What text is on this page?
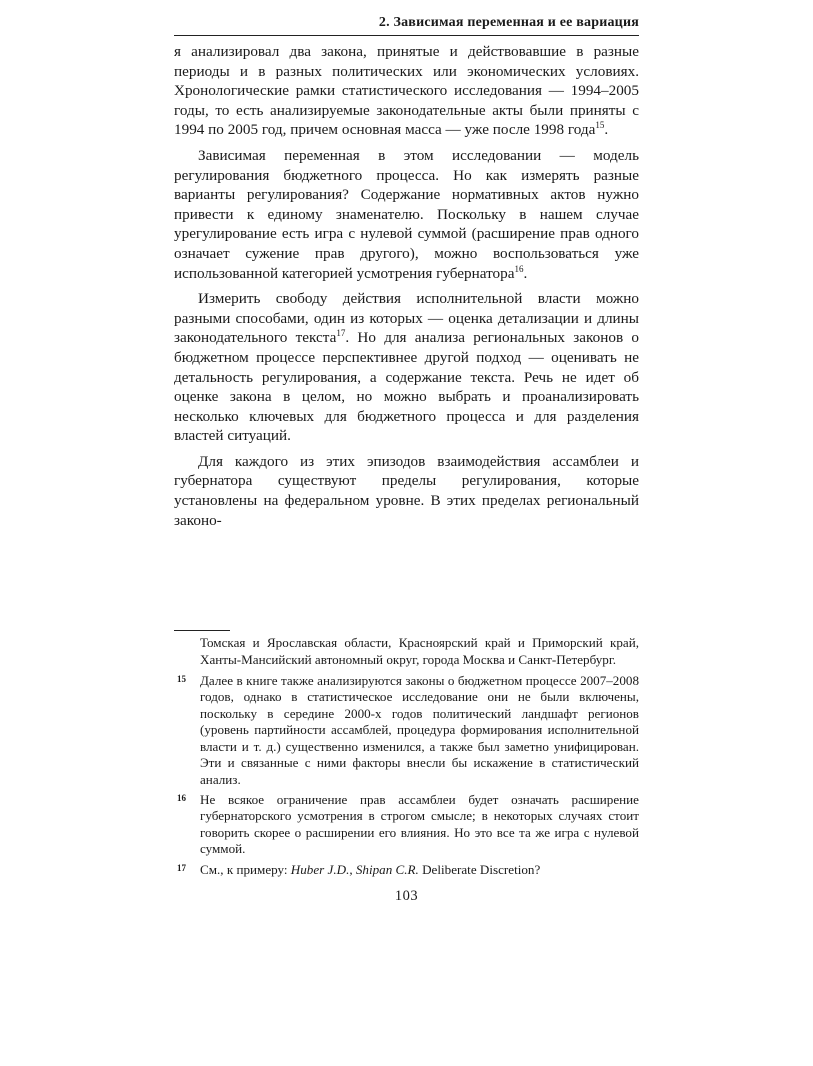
2. Зависимая переменная и ее вариация

я анализировал два закона, принятые и действовавшие в разные периоды и в разных политических или экономических условиях. Хронологические рамки статистического исследования — 1994–2005 годы, то есть анализируемые законодательные акты были приняты с 1994 по 2005 год, причем основная масса — уже после 1998 года$^{15}$.

Зависимая переменная в этом исследовании — модель регулирования бюджетного процесса. Но как измерять разные варианты регулирования? Содержание нормативных актов нужно привести к единому знаменателю. Поскольку в нашем случае урегулирование есть игра с нулевой суммой (расширение прав одного означает сужение прав другого), можно воспользоваться уже использованной категорией усмотрения губернатора$^{16}$.

Измерить свободу действия исполнительной власти можно разными способами, один из которых — оценка детализации и длины законодательного текста$^{17}$. Но для анализа региональных законов о бюджетном процессе перспективнее другой подход — оценивать не детальность регулирования, а содержание текста. Речь не идет об оценке закона в целом, но можно выбрать и проанализировать несколько ключевых для бюджетного процесса и для разделения властей ситуаций.

Для каждого из этих эпизодов взаимодействия ассамблеи и губернатора существуют пределы регулирования, которые установлены на федеральном уровне. В этих пределах региональный законо-

Томская и Ярославская области, Красноярский край и Приморский край, Ханты-Мансийский автономный округ, города Москва и Санкт-Петербург.

15 Далее в книге также анализируются законы о бюджетном процессе 2007–2008 годов, однако в статистическое исследование они не были включены, поскольку в середине 2000-х годов политический ландшафт регионов (уровень партийности ассамблей, процедура формирования исполнительной власти и т. д.) существенно изменился, а также был заметно унифицирован. Эти и связанные с ними факторы внесли бы искажение в статистический анализ.

16 Не всякое ограничение прав ассамблеи будет означать расширение губернаторского усмотрения в строгом смысле; в некоторых случаях стоит говорить скорее о расширении его влияния. Но это все та же игра с нулевой суммой.

17 См., к примеру: Huber J.D., Shipan C.R. Deliberate Discretion?

103
